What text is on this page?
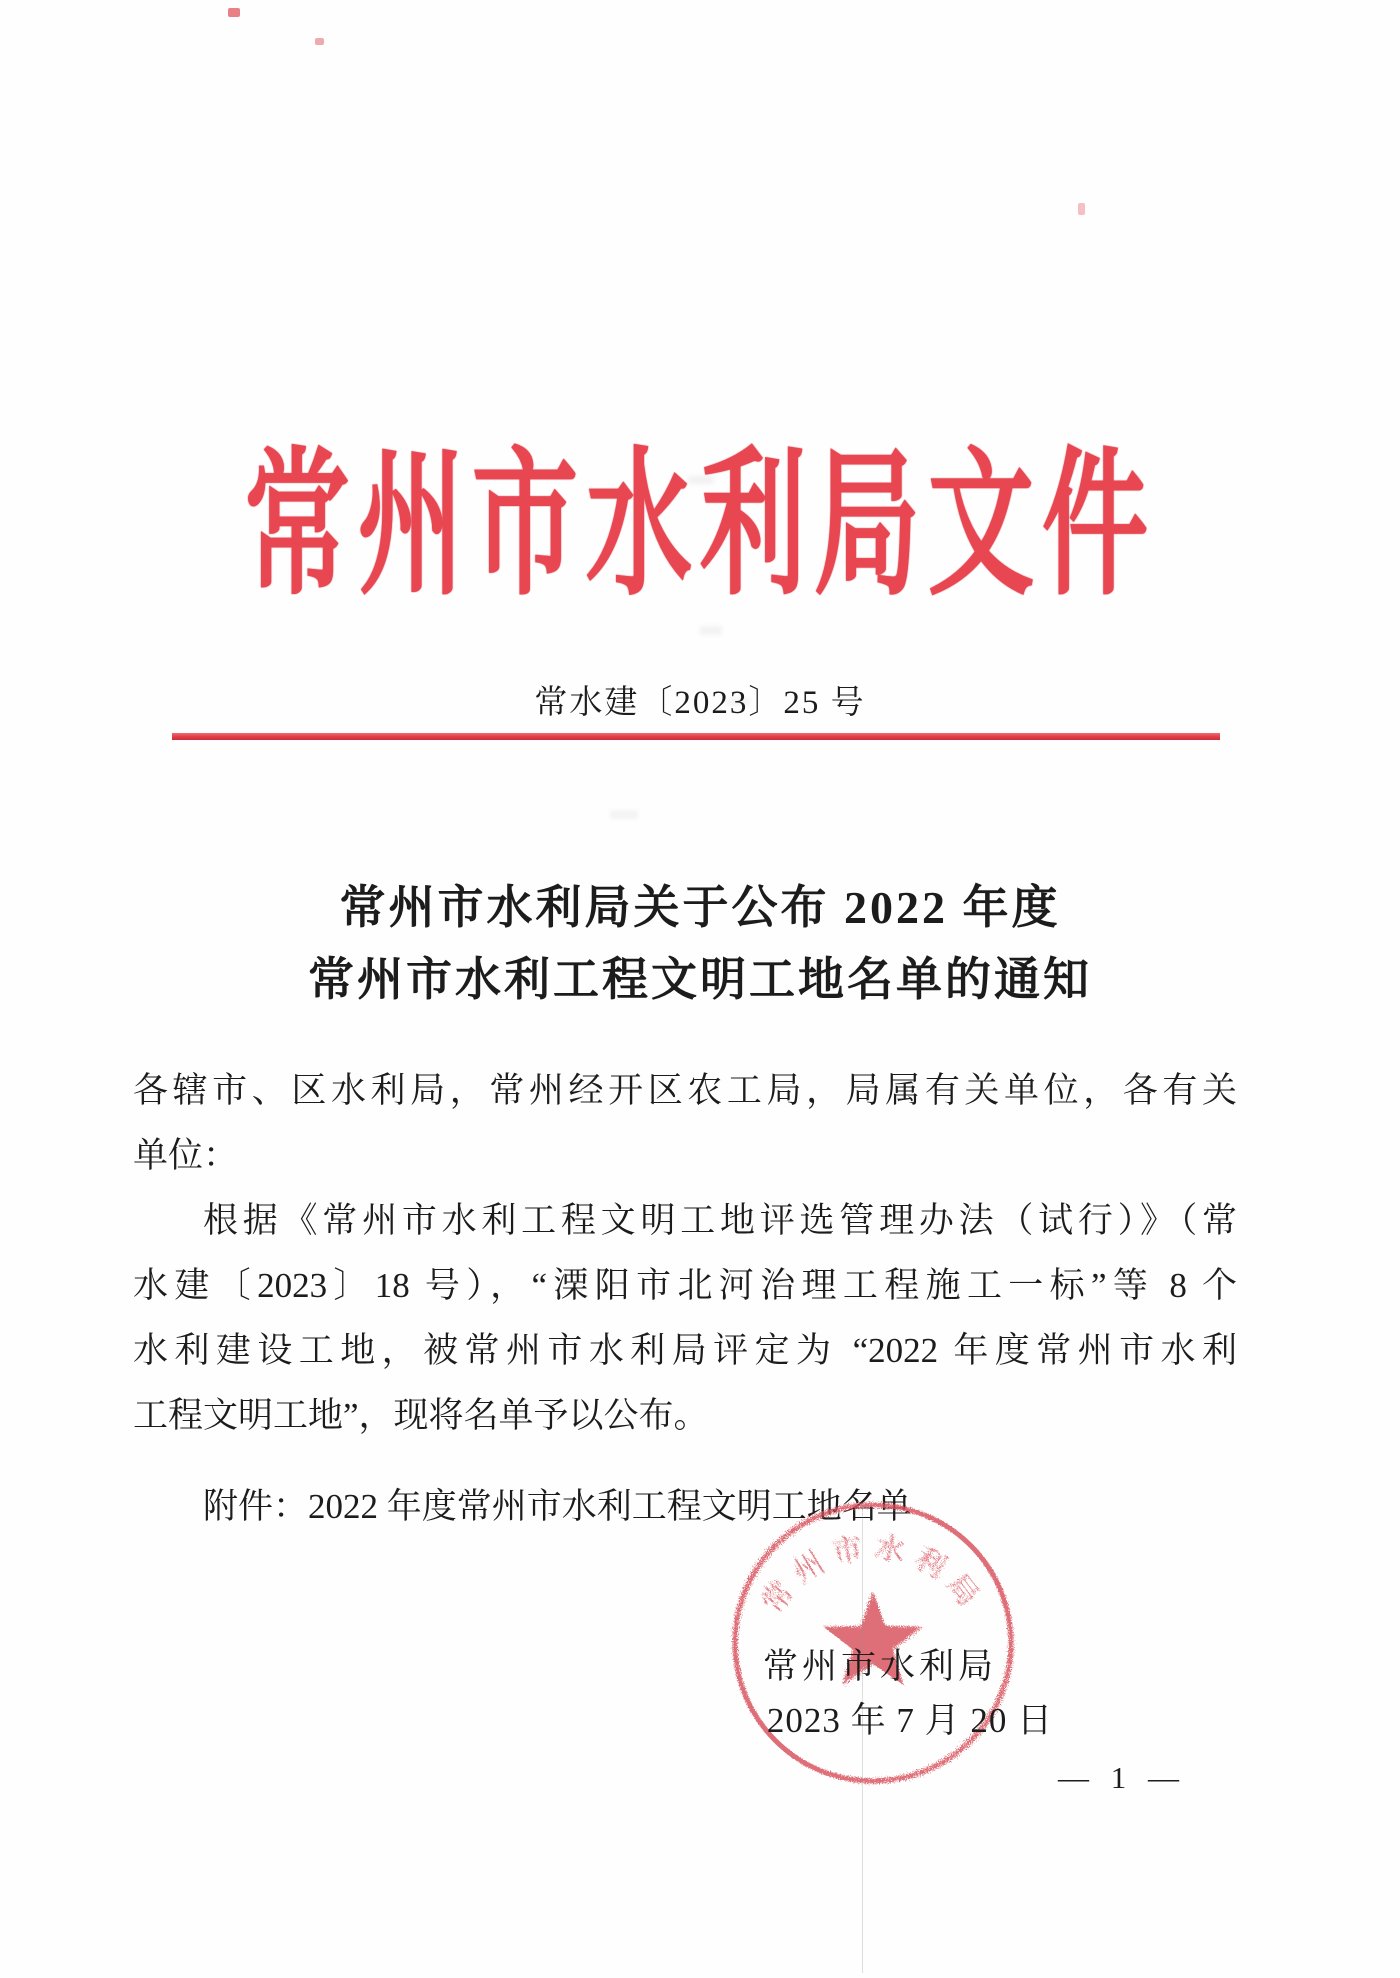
常州市水利局文件
常水建〔2023〕25 号
常州市水利局关于公布 2022 年度
常州市水利工程文明工地名单的通知
各辖市、区水利局，常州经开区农工局，局属有关单位，各有关
单位：
根据《常州市水利工程文明工地评选管理办法（试行）》（常
水建〔2023〕18 号），“溧阳市北河治理工程施工一标”等 8 个
水利建设工地，被常州市水利局评定为 “2022 年度常州市水利
工程文明工地”，现将名单予以公布。
附件：2022 年度常州市水利工程文明工地名单
常州市水利局
常州市水利局
2023 年 7 月 20 日
— 1 —
